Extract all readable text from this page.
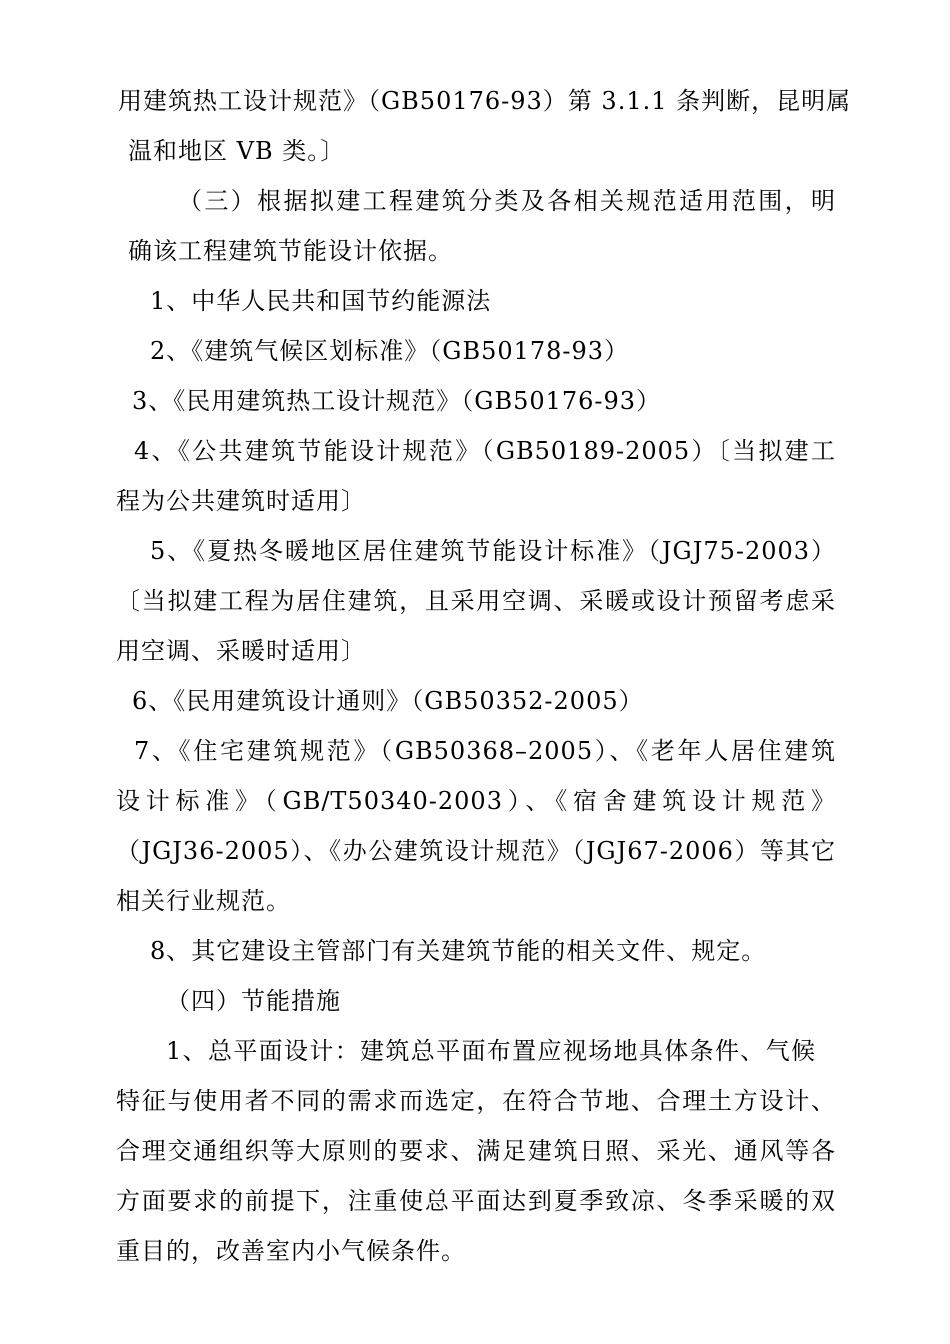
用建筑热工设计规范》（GB50176-93）第 3.1.1 条判断，昆明属
温和地区 VB 类。〕
（三）根据拟建工程建筑分类及各相关规范适用范围，明
确该工程建筑节能设计依据。
1、中华人民共和国节约能源法
2、《建筑气候区划标准》（GB50178-93）
3、《民用建筑热工设计规范》（GB50176-93）
4、《公共建筑节能设计规范》（GB50189-2005）〔当拟建工
程为公共建筑时适用〕
5、《夏热冬暖地区居住建筑节能设计标准》（JGJ75-2003）
〔当拟建工程为居住建筑，且采用空调、采暖或设计预留考虑采
用空调、采暖时适用〕
6、《民用建筑设计通则》（GB50352-2005）
7、《住宅建筑规范》（GB50368–2005）、《老年人居住建筑
设计标准》（GB/T50340-2003）、《宿舍建筑设计规范》
（JGJ36-2005）、《办公建筑设计规范》（JGJ67-2006）等其它
相关行业规范。
8、其它建设主管部门有关建筑节能的相关文件、规定。
（四）节能措施
1、总平面设计：建筑总平面布置应视场地具体条件、气候
特征与使用者不同的需求而选定，在符合节地、合理土方设计、
合理交通组织等大原则的要求、满足建筑日照、采光、通风等各
方面要求的前提下，注重使总平面达到夏季致凉、冬季采暖的双
重目的，改善室内小气候条件。
